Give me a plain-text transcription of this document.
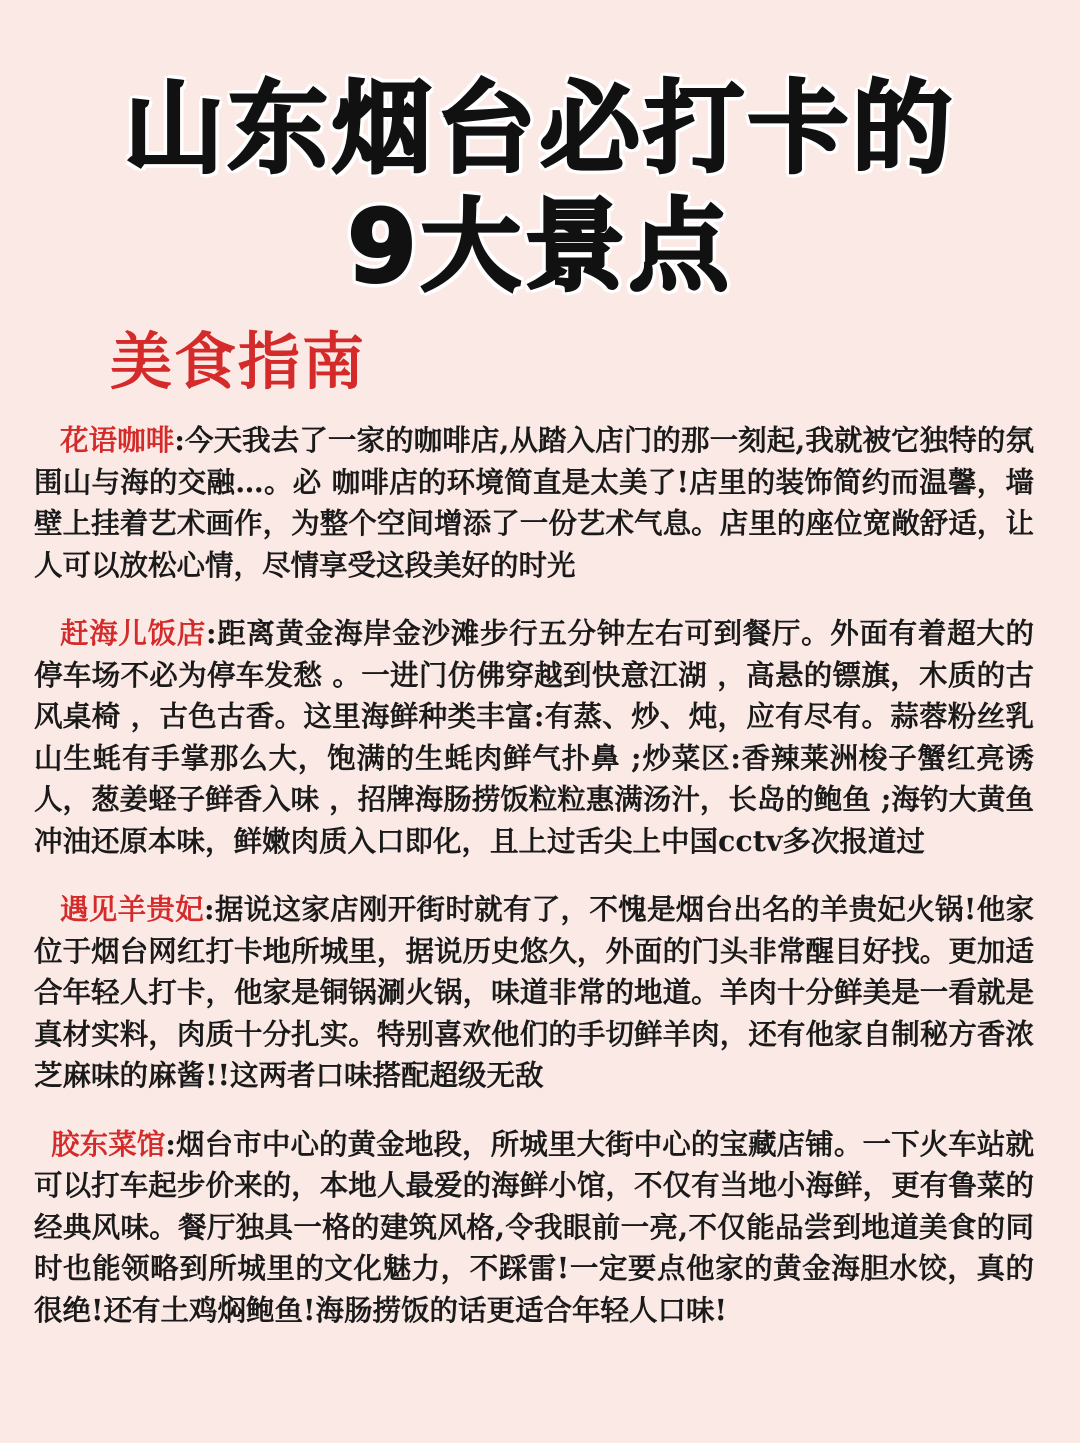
山东烟台必打卡的
9大景点
美食指南

花语咖啡:今天我去了一家的咖啡店,从踏入店门的那一刻起,我就被它独特的氛围山与海的交融…。必 咖啡店的环境简直是太美了!店里的装饰简约而温馨，墙壁上挂着艺术画作，为整个空间增添了一份艺术气息。店里的座位宽敞舒适，让人可以放松心情，尽情享受这段美好的时光

赶海儿饭店:距离黄金海岸金沙滩步行五分钟左右可到餐厅。外面有着超大的停车场不必为停车发愁 。一进门仿佛穿越到快意江湖 ，高悬的镖旗，木质的古风桌椅 ，古色古香。这里海鲜种类丰富:有蒸、炒、炖，应有尽有。蒜蓉粉丝乳山生蚝有手掌那么大，饱满的生蚝肉鲜气扑鼻 ;炒菜区:香辣莱洲梭子蟹红亮诱人，葱姜蛏子鲜香入味 ，招牌海肠捞饭粒粒惠满汤汁，长岛的鲍鱼 ;海钓大黄鱼冲油还原本味，鲜嫩肉质入口即化，且上过舌尖上中国cctv多次报道过

遇见羊贵妃:据说这家店刚开街时就有了，不愧是烟台出名的羊贵妃火锅!他家位于烟台网红打卡地所城里，据说历史悠久，外面的门头非常醒目好找。更加适合年轻人打卡，他家是铜锅涮火锅，味道非常的地道。羊肉十分鲜美是一看就是真材实料，肉质十分扎实。特别喜欢他们的手切鲜羊肉，还有他家自制秘方香浓芝麻味的麻酱!!这两者口味搭配超级无敌

胶东菜馆:烟台市中心的黄金地段，所城里大街中心的宝藏店铺。一下火车站就可以打车起步价来的，本地人最爱的海鲜小馆，不仅有当地小海鲜，更有鲁菜的经典风味。餐厅独具一格的建筑风格,令我眼前一亮,不仅能品尝到地道美食的同时也能领略到所城里的文化魅力，不踩雷!一定要点他家的黄金海胆水饺，真的很绝!还有土鸡焖鲍鱼!海肠捞饭的话更适合年轻人口味!
